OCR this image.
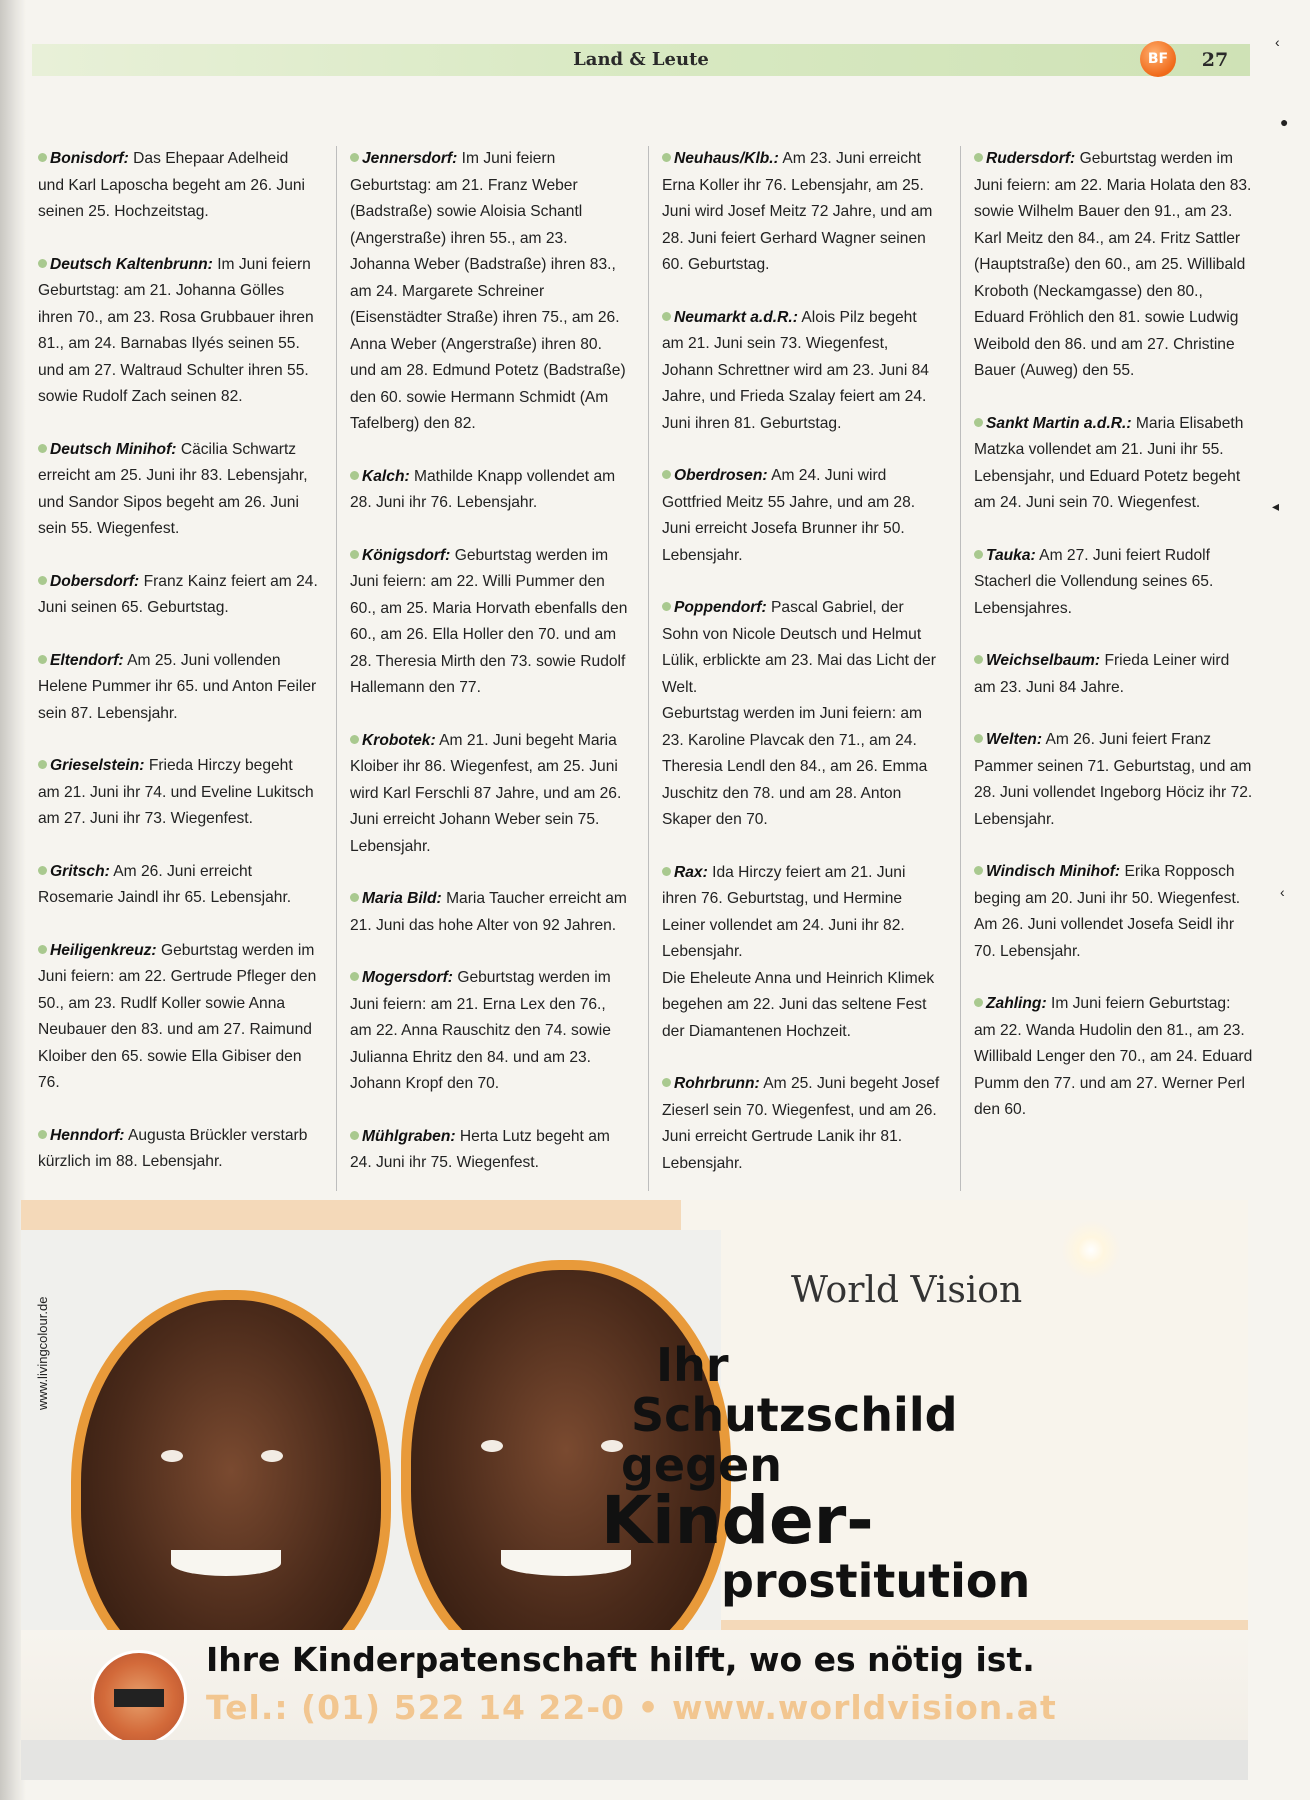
Land & Leute	BF	27
‹
●
◂
‹

Bonisdorf: Das Ehepaar Adelheid und Karl Laposcha begeht am 26. Juni seinen 25. Hochzeitstag.

Deutsch Kaltenbrunn: Im Juni feiern Geburtstag: am 21. Johanna Gölles ihren 70., am 23. Rosa Grubbauer ihren 81., am 24. Barnabas Ilyés seinen 55. und am 27. Waltraud Schulter ihren 55. sowie Rudolf Zach seinen 82.

Deutsch Minihof: Cäcilia Schwartz erreicht am 25. Juni ihr 83. Lebensjahr, und Sandor Sipos begeht am 26. Juni sein 55. Wiegenfest.

Dobersdorf: Franz Kainz feiert am 24. Juni seinen 65. Geburtstag.

Eltendorf: Am 25. Juni vollenden Helene Pummer ihr 65. und Anton Feiler sein 87. Lebensjahr.

Grieselstein: Frieda Hirczy begeht am 21. Juni ihr 74. und Eveline Lukitsch am 27. Juni ihr 73. Wiegenfest.

Gritsch: Am 26. Juni erreicht Rosemarie Jaindl ihr 65. Lebensjahr.

Heiligenkreuz: Geburtstag werden im Juni feiern: am 22. Gertrude Pfleger den 50., am 23. Rudlf Koller sowie Anna Neubauer den 83. und am 27. Raimund Kloiber den 65. sowie Ella Gibiser den 76.

Henndorf: Augusta Brückler verstarb kürzlich im 88. Lebensjahr.

Jennersdorf: Im Juni feiern Geburtstag: am 21. Franz Weber (Badstraße) sowie Aloisia Schantl (Angerstraße) ihren 55., am 23. Johanna Weber (Badstraße) ihren 83., am 24. Margarete Schreiner (Eisenstädter Straße) ihren 75., am 26. Anna Weber (Angerstraße) ihren 80. und am 28. Edmund Potetz (Badstraße) den 60. sowie Hermann Schmidt (Am Tafelberg) den 82.

Kalch: Mathilde Knapp vollendet am 28. Juni ihr 76. Lebensjahr.

Königsdorf: Geburtstag werden im Juni feiern: am 22. Willi Pummer den 60., am 25. Maria Horvath ebenfalls den 60., am 26. Ella Holler den 70. und am 28. Theresia Mirth den 73. sowie Rudolf Hallemann den 77.

Krobotek: Am 21. Juni begeht Maria Kloiber ihr 86. Wiegenfest, am 25. Juni wird Karl Ferschli 87 Jahre, und am 26. Juni erreicht Johann Weber sein 75. Lebensjahr.

Maria Bild: Maria Taucher erreicht am 21. Juni das hohe Alter von 92 Jahren.

Mogersdorf: Geburtstag werden im Juni feiern: am 21. Erna Lex den 76., am 22. Anna Rauschitz den 74. sowie Julianna Ehritz den 84. und am 23. Johann Kropf den 70.

Mühlgraben: Herta Lutz begeht am 24. Juni ihr 75. Wiegenfest.

Neuhaus/Klb.: Am 23. Juni erreicht Erna Koller ihr 76. Lebensjahr, am 25. Juni wird Josef Meitz 72 Jahre, und am 28. Juni feiert Gerhard Wagner seinen 60. Geburtstag.

Neumarkt a.d.R.: Alois Pilz begeht am 21. Juni sein 73. Wiegenfest, Johann Schrettner wird am 23. Juni 84 Jahre, und Frieda Szalay feiert am 24. Juni ihren 81. Geburtstag.

Oberdrosen: Am 24. Juni wird Gottfried Meitz 55 Jahre, und am 28. Juni erreicht Josefa Brunner ihr 50. Lebensjahr.

Poppendorf: Pascal Gabriel, der Sohn von Nicole Deutsch und Helmut Lülik, erblickte am 23. Mai das Licht der Welt.
Geburtstag werden im Juni feiern: am 23. Karoline Plavcak den 71., am 24. Theresia Lendl den 84., am 26. Emma Juschitz den 78. und am 28. Anton Skaper den 70.

Rax: Ida Hirczy feiert am 21. Juni ihren 76. Geburtstag, und Hermine Leiner vollendet am 24. Juni ihr 82. Lebensjahr.
Die Eheleute Anna und Heinrich Klimek begehen am 22. Juni das seltene Fest der Diamantenen Hochzeit.

Rohrbrunn: Am 25. Juni begeht Josef Zieserl sein 70. Wiegenfest, und am 26. Juni erreicht Gertrude Lanik ihr 81. Lebensjahr.

Rudersdorf: Geburtstag werden im Juni feiern: am 22. Maria Holata den 83. sowie Wilhelm Bauer den 91., am 23. Karl Meitz den 84., am 24. Fritz Sattler (Hauptstraße) den 60., am 25. Willibald Kroboth (Neckamgasse) den 80., Eduard Fröhlich den 81. sowie Ludwig Weibold den 86. und am 27. Christine Bauer (Auweg) den 55.

Sankt Martin a.d.R.: Maria Elisabeth Matzka vollendet am 21. Juni ihr 55. Lebensjahr, und Eduard Potetz begeht am 24. Juni sein 70. Wiegenfest.

Tauka: Am 27. Juni feiert Rudolf Stacherl die Vollendung seines 65. Lebensjahres.

Weichselbaum: Frieda Leiner wird am 23. Juni 84 Jahre.

Welten: Am 26. Juni feiert Franz Pammer seinen 71. Geburtstag, und am 28. Juni vollendet Ingeborg Höciz ihr 72. Lebensjahr.

Windisch Minihof: Erika Ropposch beging am 20. Juni ihr 50. Wiegenfest.
Am 26. Juni vollendet Josefa Seidl ihr 70. Lebensjahr.

Zahling: Im Juni feiern Geburtstag: am 22. Wanda Hudolin den 81., am 23. Willibald Lenger den 70., am 24. Eduard Pumm den 77. und am 27. Werner Perl den 60.

World Vision
Ihr
Schutzschild
gegen
Kinder-
prostitution
www.livingcolour.de
Ihre Kinderpatenschaft hilft, wo es nötig ist.
Tel.: (01) 522 14 22-0 • www.worldvision.at
